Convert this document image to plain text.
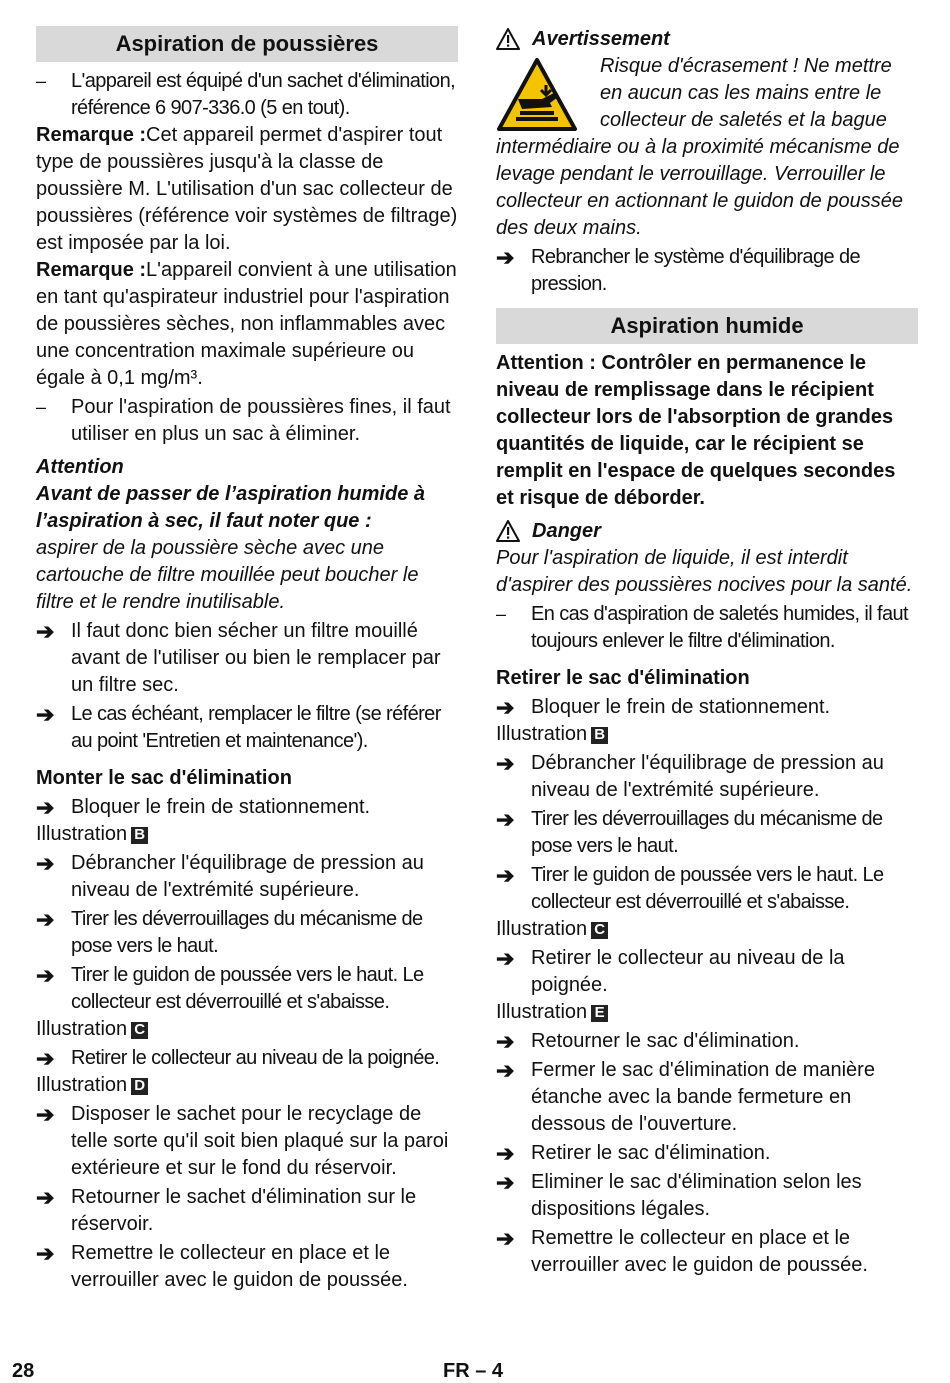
Aspiration de poussières
–	L'appareil est équipé d'un sachet d'élimination, référence 6 907-336.0 (5 en tout).

Remarque :Cet appareil permet d'aspirer tout type de poussières jusqu'à la classe de poussière M. L'utilisation d'un sac collecteur de poussières (référence voir systèmes de filtrage) est imposée par la loi.

Remarque :L'appareil convient à une utilisation en tant qu'aspirateur industriel pour l'aspiration de poussières sèches, non inflammables avec une concentration maximale supérieure ou égale à 0,1 mg/m³.

–	Pour l'aspiration de poussières fines, il faut utiliser en plus un sac à éliminer.

Attention

Avant de passer de l’aspiration humide à l’aspiration à sec, il faut noter que :

aspirer de la poussière sèche avec une cartouche de filtre mouillée peut boucher le filtre et le rendre inutilisable.

➔ Il faut donc bien sécher un filtre mouillé avant de l'utiliser ou bien le remplacer par un filtre sec.
➔ Le cas échéant, remplacer le filtre (se référer au point 'Entretien et maintenance').

Monter le sac d'élimination

➔ Bloquer le frein de stationnement.

Illustration B

➔ Débrancher l'équilibrage de pression au niveau de l'extrémité supérieure.
➔ Tirer les déverrouillages du mécanisme de pose vers le haut.
➔ Tirer le guidon de poussée vers le haut. Le collecteur est déverrouillé et s'abaisse.

Illustration C

➔ Retirer le collecteur au niveau de la poignée.

Illustration D

➔ Disposer le sachet pour le recyclage de telle sorte qu'il soit bien plaqué sur la paroi extérieure et sur le fond du réservoir.
➔ Retourner le sachet d'élimination sur le réservoir.
➔ Remettre le collecteur en place et le verrouiller avec le guidon de poussée.

Avertissement

Risque d'écrasement ! Ne mettre en aucun cas les mains entre le collecteur de saletés et la bague intermédiaire ou à la proximité mécanisme de levage pendant le verrouillage. Verrouiller le collecteur en actionnant le guidon de poussée des deux mains.

➔ Rebrancher le système d'équilibrage de pression.
Aspiration humide

Attention : Contrôler en permanence le niveau de remplissage dans le récipient collecteur lors de l'absorption de grandes quantités de liquide, car le récipient se remplit en l'espace de quelques secondes et risque de déborder.

Danger

Pour l'aspiration de liquide, il est interdit d'aspirer des poussières nocives pour la santé.

–	En cas d'aspiration de saletés humides, il faut toujours enlever le filtre d'élimination.

Retirer le sac d'élimination

➔ Bloquer le frein de stationnement.

Illustration B

➔ Débrancher l'équilibrage de pression au niveau de l'extrémité supérieure.
➔ Tirer les déverrouillages du mécanisme de pose vers le haut.
➔ Tirer le guidon de poussée vers le haut. Le collecteur est déverrouillé et s'abaisse.

Illustration C

➔ Retirer le collecteur au niveau de la poignée.

Illustration E

➔ Retourner le sac d'élimination.
➔ Fermer le sac d'élimination de manière étanche avec la bande fermeture en dessous de l'ouverture.
➔ Retirer le sac d'élimination.
➔ Eliminer le sac d'élimination selon les dispositions légales.
➔ Remettre le collecteur en place et le verrouiller avec le guidon de poussée.
28	FR – 4
